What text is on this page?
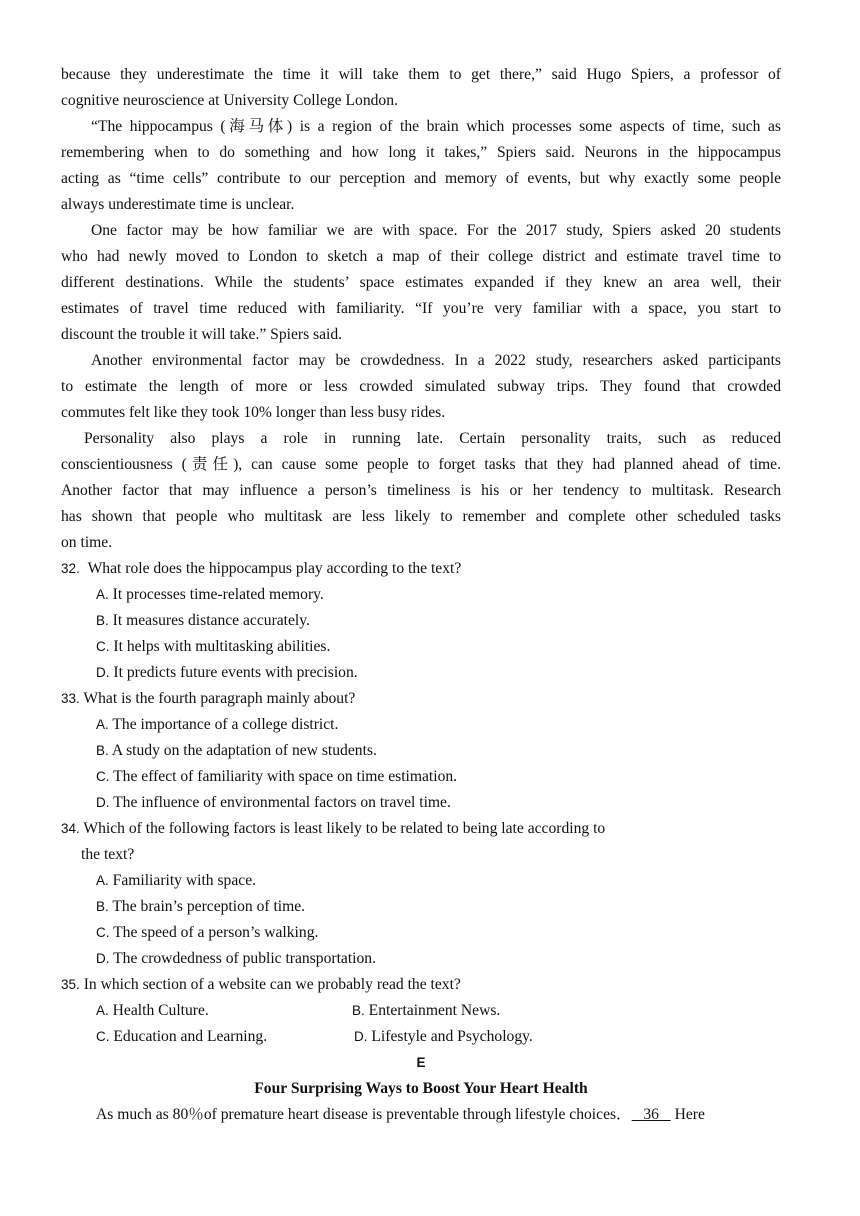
because they underestimate the time it will take them to get there,” said Hugo Spiers, a professor of
cognitive neuroscience at University College London.
“The hippocampus (海马体) is a region of the brain which processes some aspects of time, such as
remembering when to do something and how long it takes,” Spiers said. Neurons in the hippocampus
acting as “time cells” contribute to our perception and memory of events, but why exactly some people
always underestimate time is unclear.
One factor may be how familiar we are with space. For the 2017 study, Spiers asked 20 students
who had newly moved to London to sketch a map of their college district and estimate travel time to
different destinations. While the students’ space estimates expanded if they knew an area well, their
estimates of travel time reduced with familiarity. “If you’re very familiar with a space, you start to
discount the trouble it will take.” Spiers said.
Another environmental factor may be crowdedness. In a 2022 study, researchers asked participants
to estimate the length of more or less crowded simulated subway trips. They found that crowded
commutes felt like they took 10% longer than less busy rides.
Personality also plays a role in running late. Certain personality traits, such as reduced
conscientiousness (责任), can cause some people to forget tasks that they had planned ahead of time.
Another factor that may influence a person’s timeliness is his or her tendency to multitask. Research
has shown that people who multitask are less likely to remember and complete other scheduled tasks
on time.
32. What role does the hippocampus play according to the text?
A. It processes time-related memory.
B. It measures distance accurately.
C. It helps with multitasking abilities.
D. It predicts future events with precision.
33. What is the fourth paragraph mainly about?
A. The importance of a college district.
B. A study on the adaptation of new students.
C. The effect of familiarity with space on time estimation.
D. The influence of environmental factors on travel time.
34. Which of the following factors is least likely to be related to being late according to
the text?
A. Familiarity with space.
B. The brain’s perception of time.
C. The speed of a person’s walking.
D. The crowdedness of public transportation.
35. In which section of a website can we probably read the text?
A. Health Culture.	B. Entertainment News.
C. Education and Learning.	D. Lifestyle and Psychology.
E
Four Surprising Ways to Boost Your Heart Health
As much as 80％of premature heart disease is preventable through lifestyle choices． 36 Here
